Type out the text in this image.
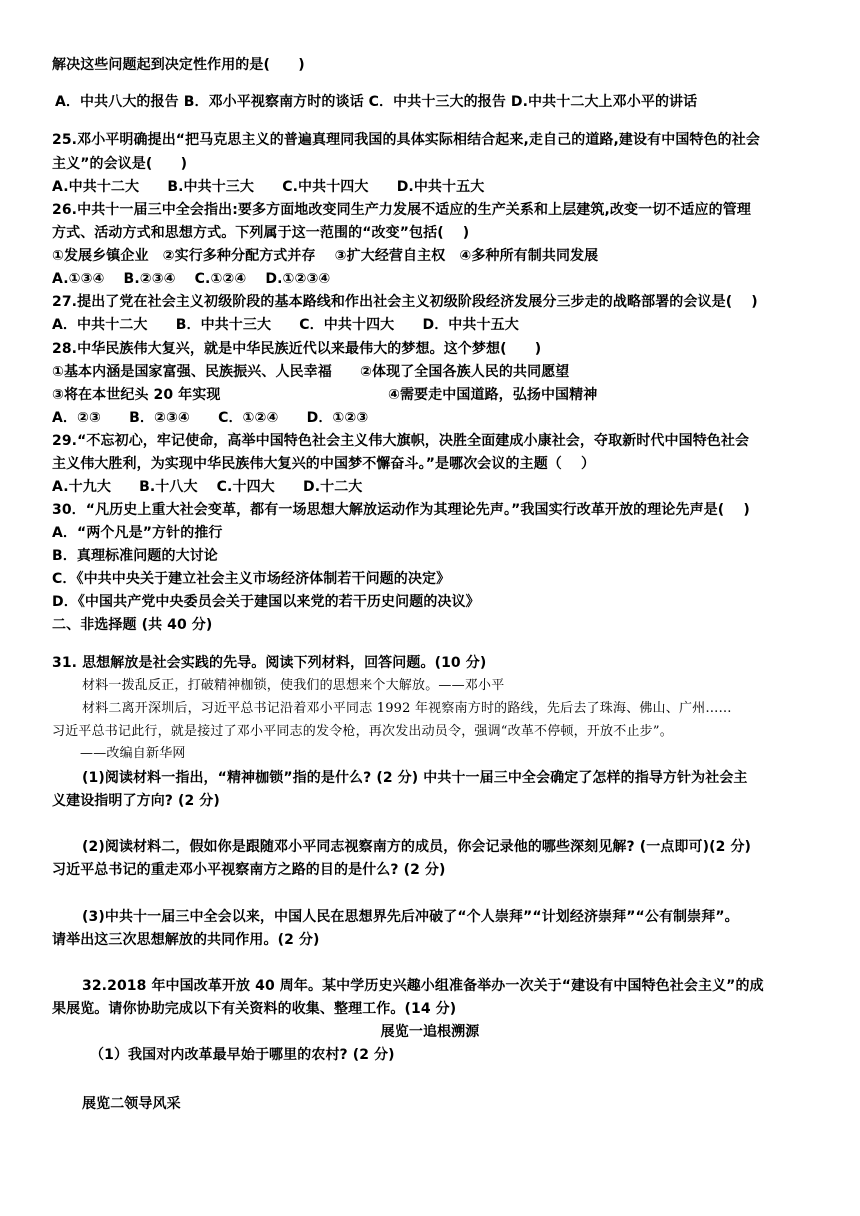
解决这些问题起到决定性作用的是(　　)
A．中共八大的报告 B．邓小平视察南方时的谈话 C．中共十三大的报告 D.中共十二大上邓小平的讲话
25.邓小平明确提出“把马克思主义的普遍真理同我国的具体实际相结合起来,走自己的道路,建设有中国特色的社会
主义”的会议是(　　)
A.中共十二大　　B.中共十三大　　C.中共十四大　　D.中共十五大
26.中共十一届三中全会指出:要多方面地改变同生产力发展不适应的生产关系和上层建筑,改变一切不适应的管理
方式、活动方式和思想方式。下列属于这一范围的“改变”包括(　 )
①发展乡镇企业　②实行多种分配方式并存　 ③扩大经营自主权　④多种所有制共同发展
A.①③④　 B.②③④　 C.①②④　 D.①②③④
27.提出了党在社会主义初级阶段的基本路线和作出社会主义初级阶段经济发展分三步走的战略部署的会议是(　 )
A．中共十二大　　B．中共十三大　　C．中共十四大　　D．中共十五大
28.中华民族伟大复兴，就是中华民族近代以来最伟大的梦想。这个梦想(　　)
①基本内涵是国家富强、民族振兴、人民幸福　　②体现了全国各族人民的共同愿望
③将在本世纪头 20 年实现	④需要走中国道路，弘扬中国精神
A．②③　　B．②③④　　C．①②④　　D．①②③
29.“不忘初心，牢记使命，高举中国特色社会主义伟大旗帜，决胜全面建成小康社会，夺取新时代中国特色社会
主义伟大胜利，为实现中华民族伟大复兴的中国梦不懈奋斗。”是哪次会议的主题（　 ）
A.十九大　　B.十八大　 C.十四大　　D.十二大
30．“凡历史上重大社会变革，都有一场思想大解放运动作为其理论先声。”我国实行改革开放的理论先声是(　 )
A．“两个凡是”方针的推行
B．真理标准问题的大讨论
C．《中共中央关于建立社会主义市场经济体制若干问题的决定》
D．《中国共产党中央委员会关于建国以来党的若干历史问题的决议》
二、非选择题 (共 40 分)
31. 思想解放是社会实践的先导。阅读下列材料，回答问题。(10 分)
材料一拨乱反正，打破精神枷锁，使我们的思想来个大解放。——邓小平
材料二离开深圳后，习近平总书记沿着邓小平同志 1992 年视察南方时的路线，先后去了珠海、佛山、广州……
习近平总书记此行，就是接过了邓小平同志的发令枪，再次发出动员令，强调“改革不停顿，开放不止步”。
——改编自新华网
(1)阅读材料一指出，“精神枷锁”指的是什么? (2 分) 中共十一届三中全会确定了怎样的指导方针为社会主
义建设指明了方向? (2 分)
(2)阅读材料二，假如你是跟随邓小平同志视察南方的成员，你会记录他的哪些深刻见解? (一点即可)(2 分)
习近平总书记的重走邓小平视察南方之路的目的是什么? (2 分)
(3)中共十一届三中全会以来，中国人民在思想界先后冲破了“个人崇拜”“计划经济崇拜”“公有制崇拜”。
请举出这三次思想解放的共同作用。(2 分)
32.2018 年中国改革开放 40 周年。某中学历史兴趣小组准备举办一次关于“建设有中国特色社会主义”的成
果展览。请你协助完成以下有关资料的收集、整理工作。(14 分)
展览一追根溯源
（1）我国对内改革最早始于哪里的农村? (2 分)
展览二领导风采
